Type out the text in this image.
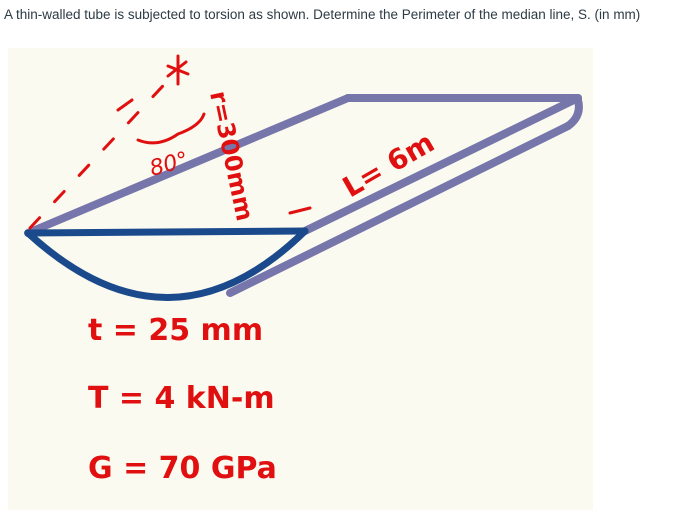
A thin-walled tube is subjected to torsion as shown. Determine the Perimeter of the median line, S. (in mm)
80° r=300mm	L= 6m
t = 25 mm
T = 4 kN-m
G = 70 GPa
